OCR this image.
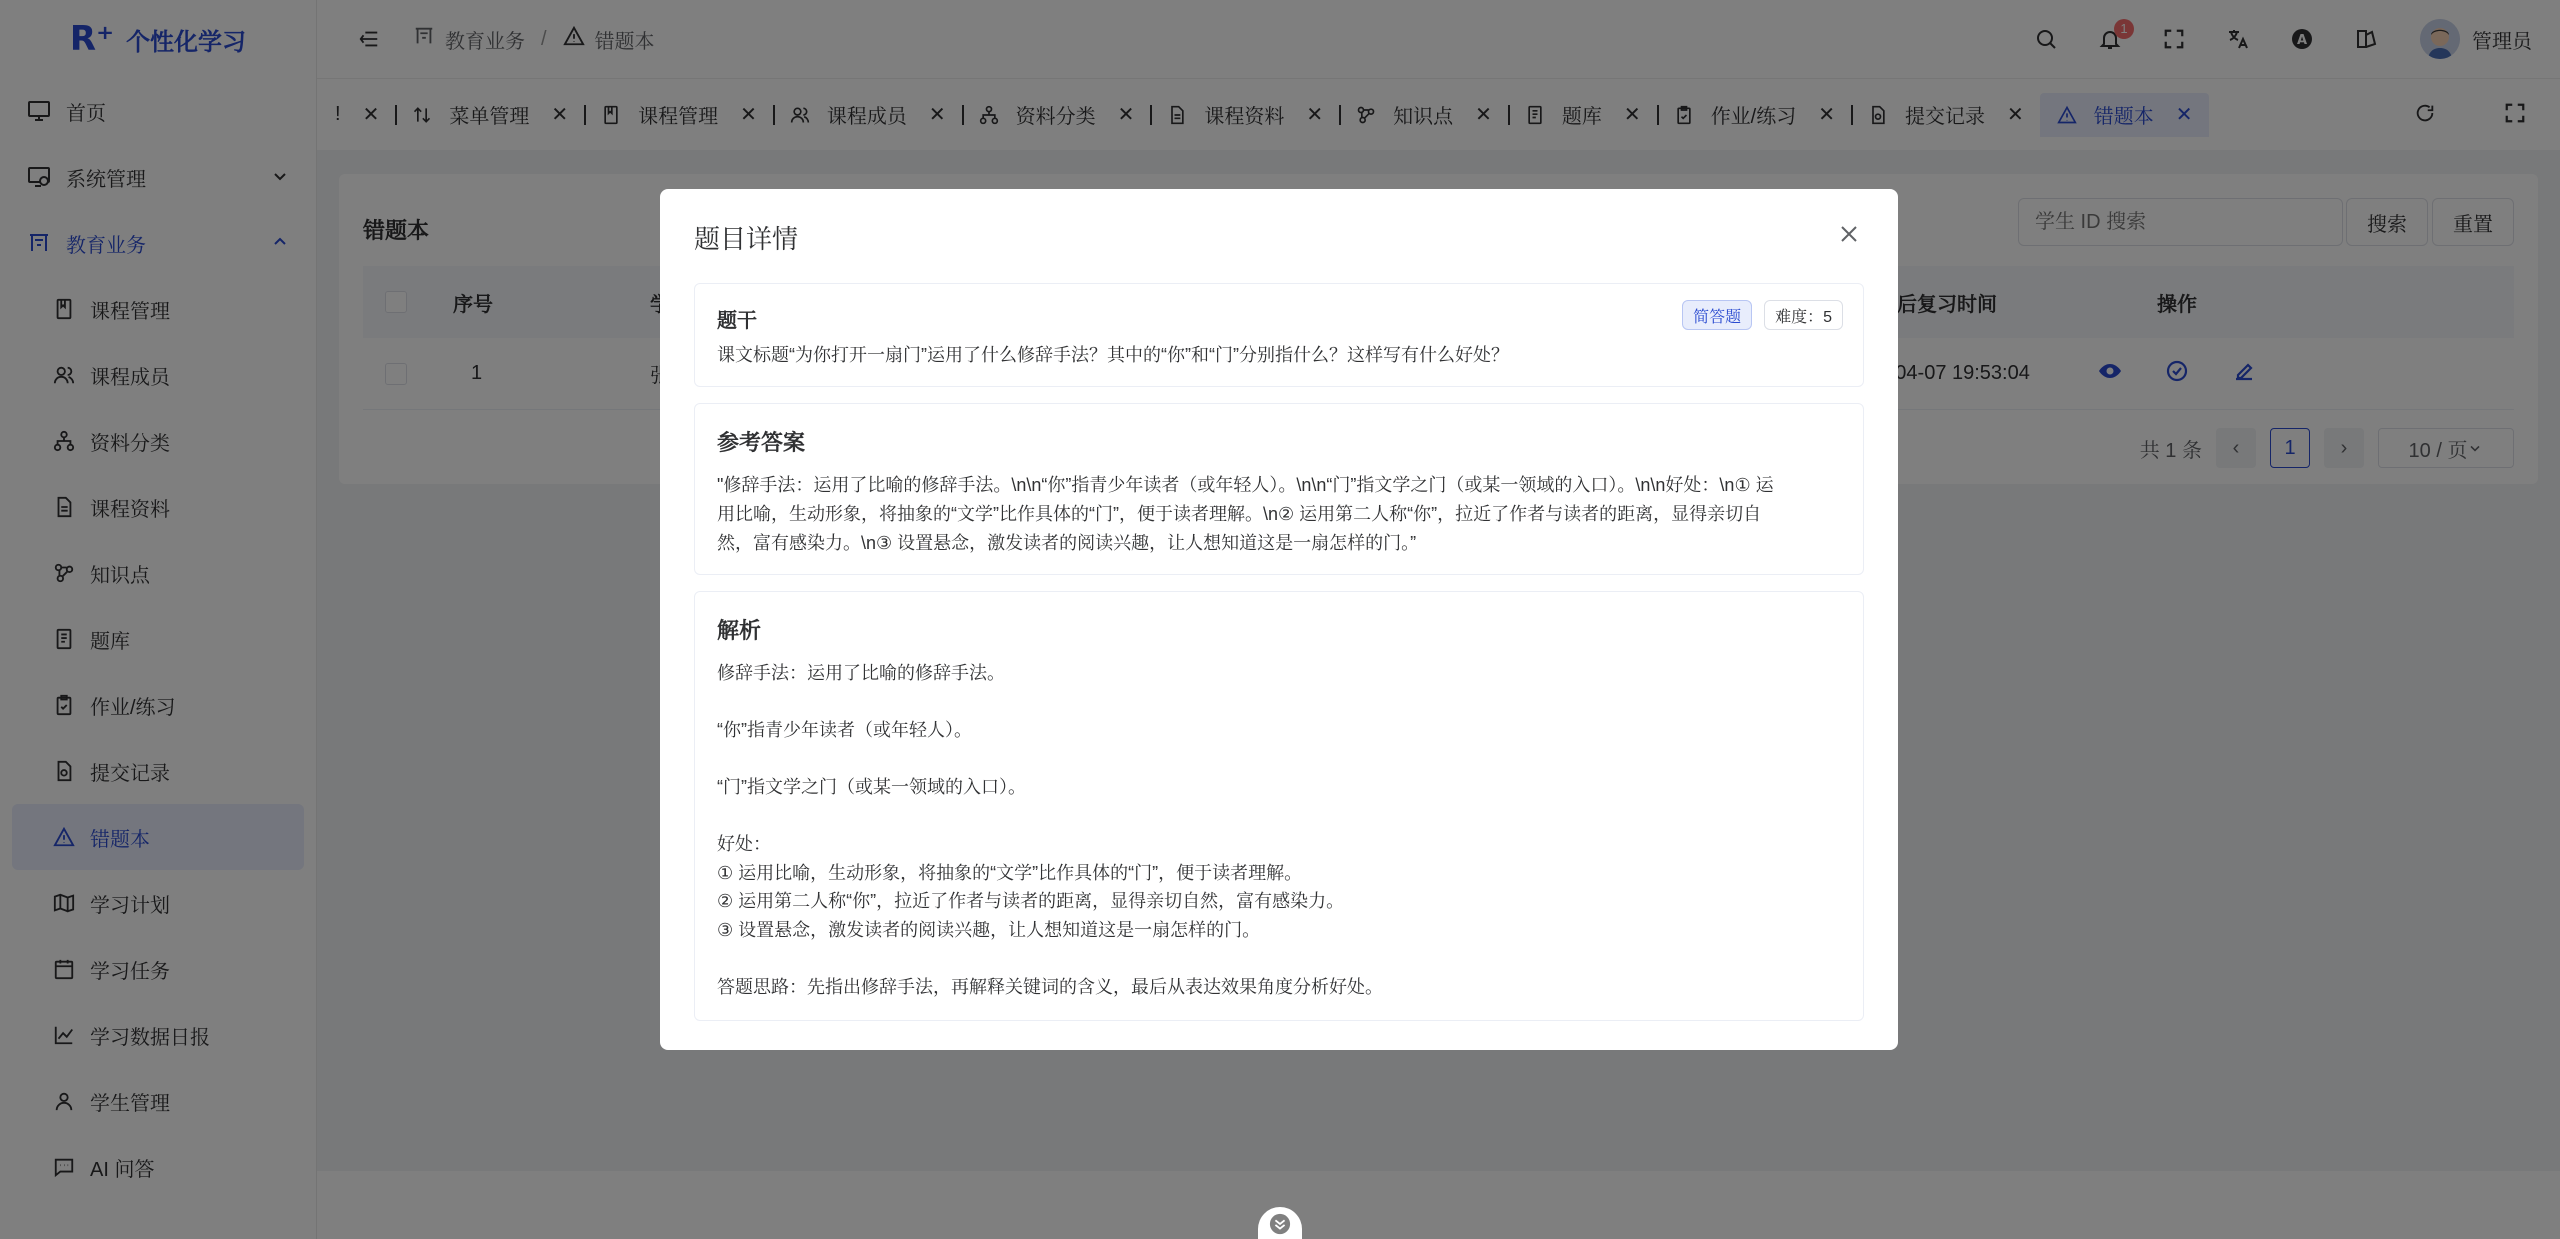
学生 ID 搜索
题目详情
题干	简答题	难度：5
课文标题“为你打开一扇门”运用了什么修辞手法？其中的“你”和“门”分别指什么？这样写有什么好处？
参考答案
"修辞手法：运用了比喻的修辞手法。\n\n“你”指青少年读者（或年轻人）。\n\n“门”指文学之门（或某一领域的入口）。\n\n好处：\n① 运
用比喻，生动形象，将抽象的“文学”比作具体的“门”，便于读者理解。\n② 运用第二人称“你”，拉近了作者与读者的距离，显得亲切自
然，富有感染力。\n③ 设置悬念，激发读者的阅读兴趣，让人想知道这是一扇怎样的门。”
解析
修辞手法：运用了比喻的修辞手法。
“你”指青少年读者（或年轻人）。
“门”指文学之门（或某一领域的入口）。
好处：
① 运用比喻，生动形象，将抽象的“文学”比作具体的“门”，便于读者理解。
② 运用第二人称“你”，拉近了作者与读者的距离，显得亲切自然，富有感染力。
③ 设置悬念，激发读者的阅读兴趣，让人想知道这是一扇怎样的门。
答题思路：先指出修辞手法，再解释关键词的含义，最后从表达效果角度分析好处。
